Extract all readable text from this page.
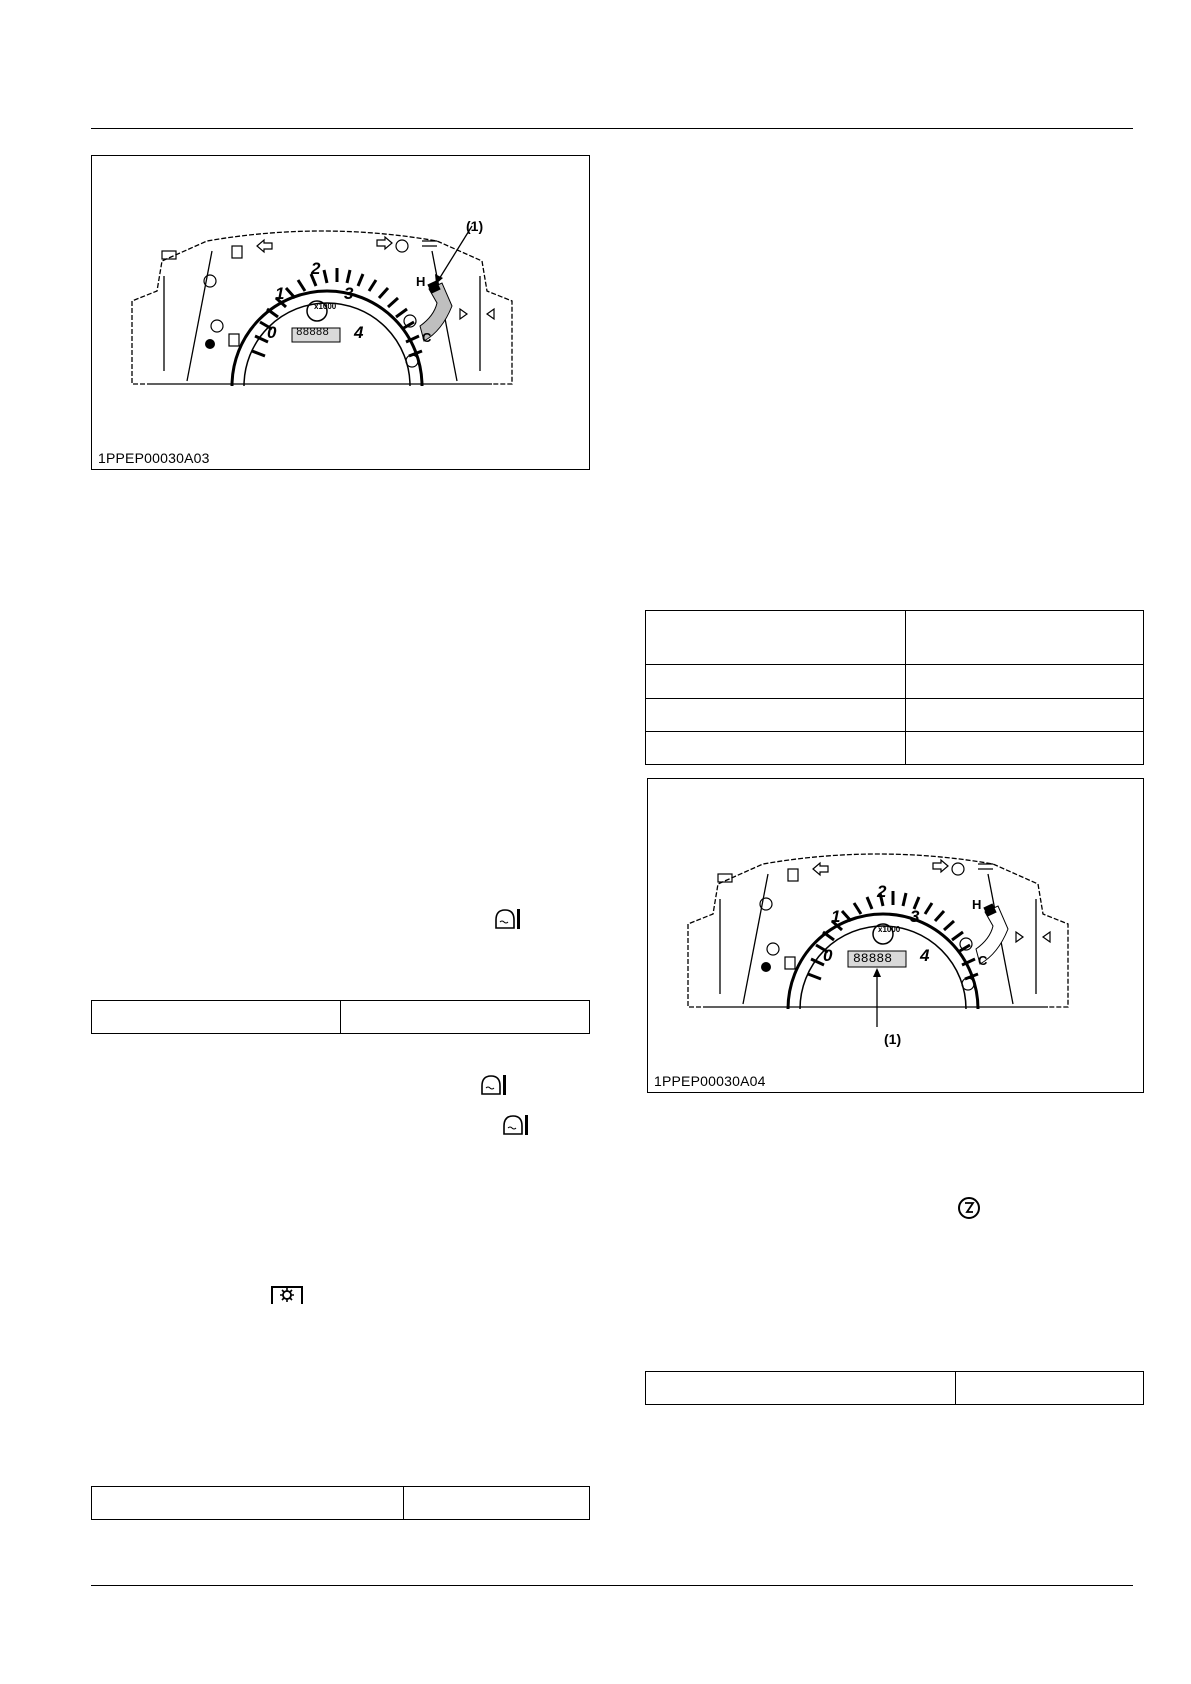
2
0
1	3
4
x1000
88888
H
C
(1)
1PPEP00030A03
2
0
1	3
4
x1000
88888
H
C
(1)
1PPEP00030A04
